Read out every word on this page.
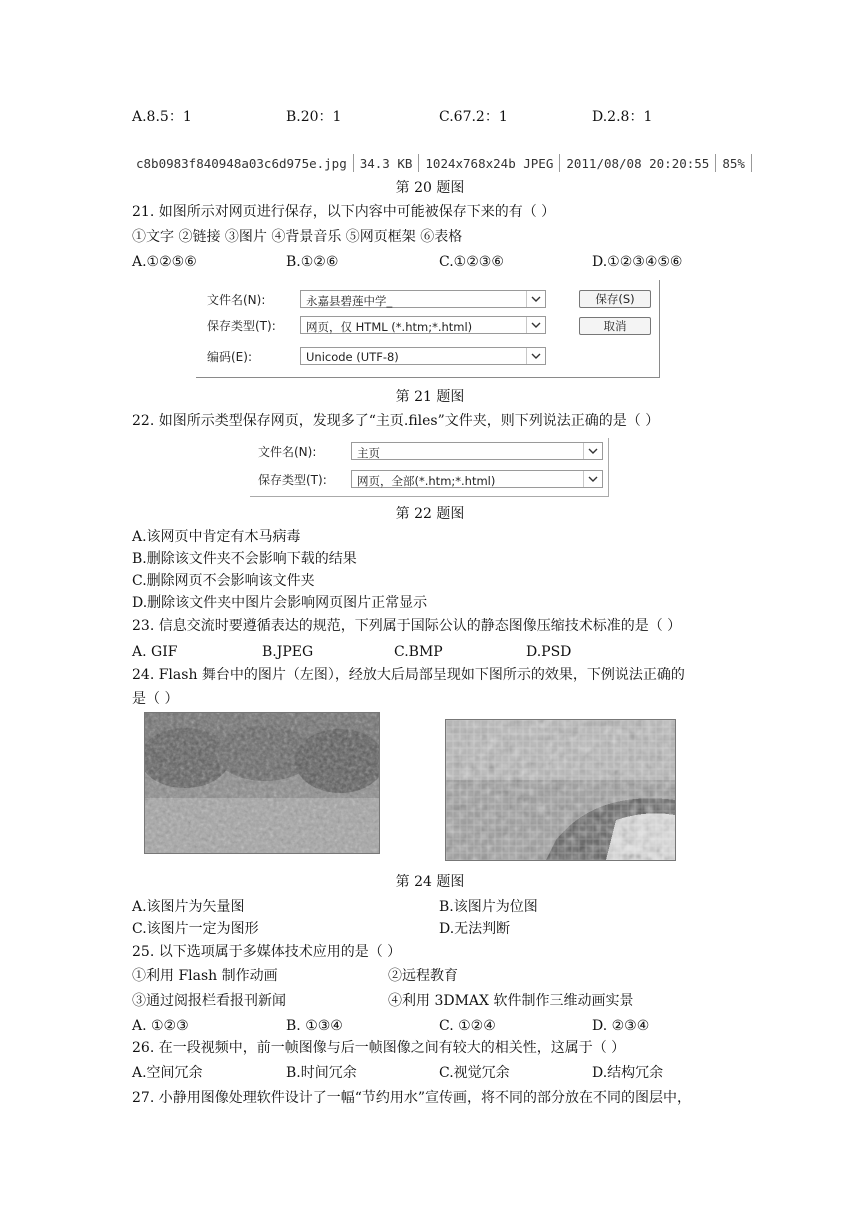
A.8.5：1	B.20：1	C.67.2：1	D.2.8：1
c8b0983f840948a03c6d975e.jpg	34.3 KB	1024x768x24b JPEG	2011/08/08 20:20:55	85%
第 20 题图
21. 如图所示对网页进行保存，以下内容中可能被保存下来的有（ ）
①文字 ②链接 ③图片 ④背景音乐 ⑤网页框架 ⑥表格
A.①②⑤⑥	B.①②⑥	C.①②③⑥	D.①②③④⑤⑥
文件名(N):	永嘉县碧莲中学_	保存(S)
保存类型(T):	网页，仅 HTML (*.htm;*.html)	取消
编码(E):	Unicode (UTF-8)
第 21 题图
22. 如图所示类型保存网页，发现多了“主页.files”文件夹，则下列说法正确的是（ ）
文件名(N):	主页
保存类型(T):	网页，全部(*.htm;*.html)
第 22 题图
A.该网页中肯定有木马病毒
B.删除该文件夹不会影响下载的结果
C.删除网页不会影响该文件夹
D.删除该文件夹中图片会影响网页图片正常显示
23. 信息交流时要遵循表达的规范，下列属于国际公认的静态图像压缩技术标准的是（ ）
A. GIF	B.JPEG	C.BMP	D.PSD
24. Flash 舞台中的图片（左图），经放大后局部呈现如下图所示的效果，下例说法正确的
是（ ）
第 24 题图
A.该图片为矢量图	B.该图片为位图
C.该图片一定为图形	D.无法判断
25. 以下选项属于多媒体技术应用的是（ ）
①利用 Flash 制作动画	②远程教育
③通过阅报栏看报刊新闻	④利用 3DMAX 软件制作三维动画实景
A. ①②③	B. ①③④	C. ①②④	D. ②③④
26. 在一段视频中，前一帧图像与后一帧图像之间有较大的相关性，这属于（ ）
A.空间冗余	B.时间冗余	C.视觉冗余	D.结构冗余
27. 小静用图像处理软件设计了一幅“节约用水”宣传画，将不同的部分放在不同的图层中，
